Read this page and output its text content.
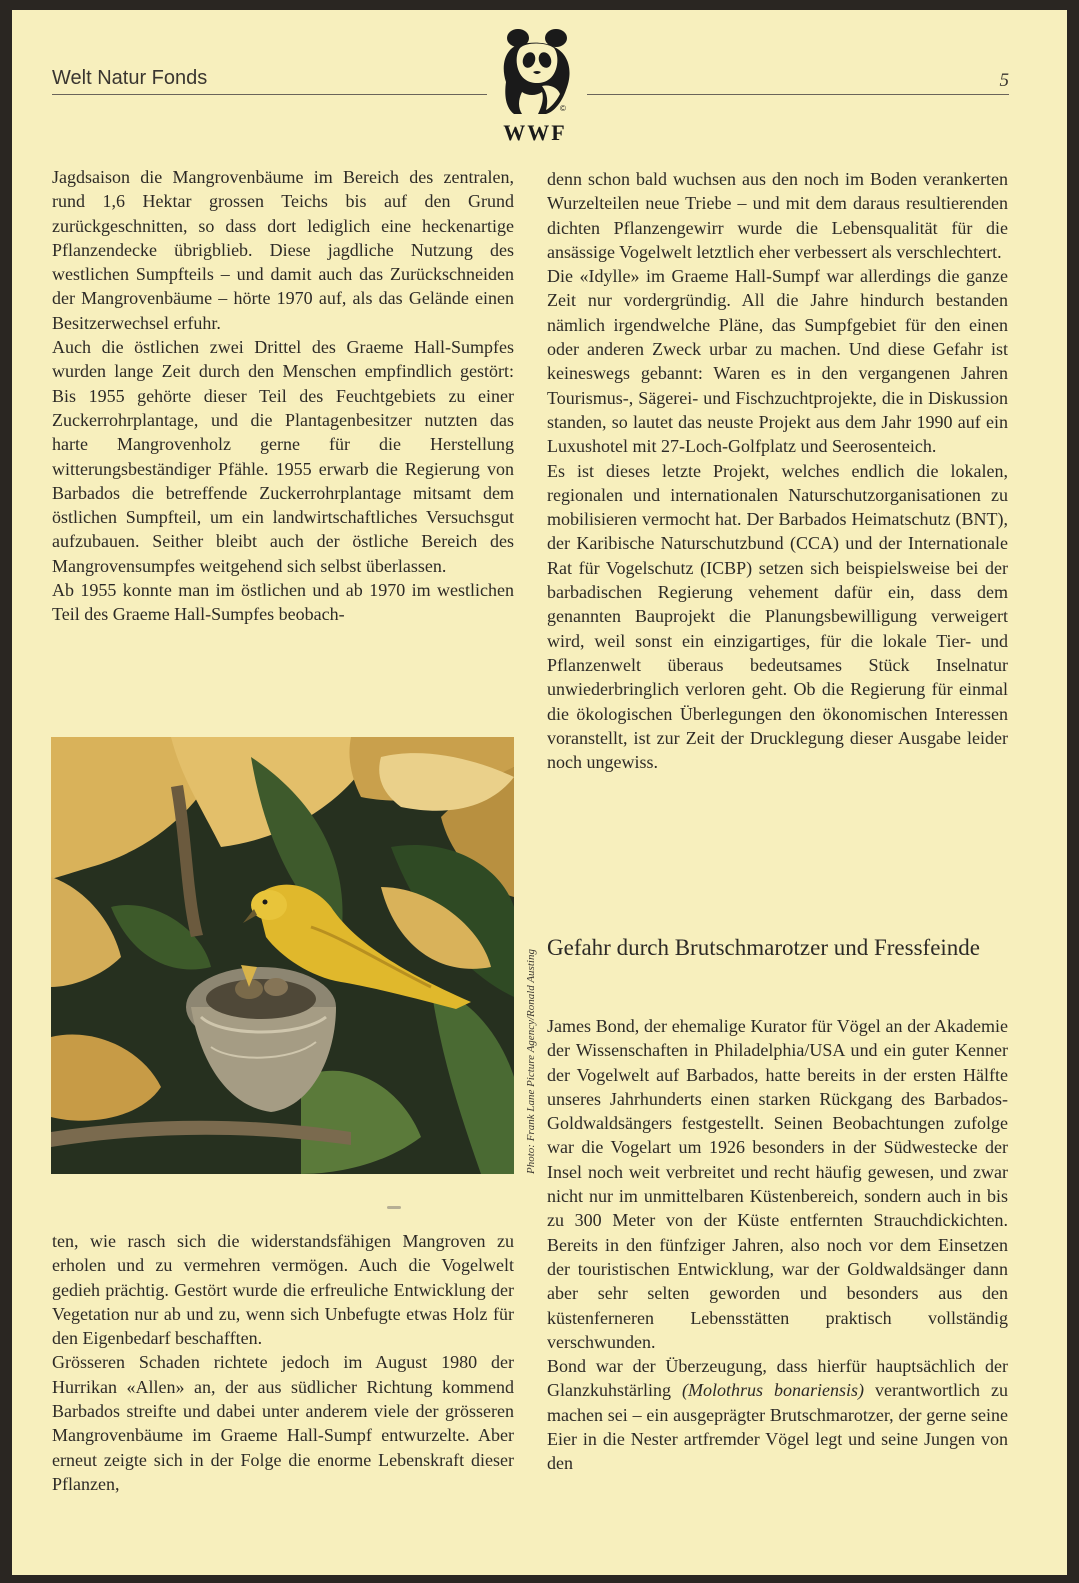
Welt Natur Fonds	5
©
WWF

Jagdsaison die Mangrovenbäume im Bereich des zentralen, rund 1,6 Hektar grossen Teichs bis auf den Grund zurückgeschnitten, so dass dort lediglich eine heckenartige Pflanzendecke übrigblieb. Diese jagdliche Nutzung des westlichen Sumpfteils – und damit auch das Zurückschneiden der Mangrovenbäume – hörte 1970 auf, als das Gelände einen Besitzerwechsel erfuhr.

Auch die östlichen zwei Drittel des Graeme Hall-Sumpfes wurden lange Zeit durch den Menschen empfindlich gestört: Bis 1955 gehörte dieser Teil des Feuchtgebiets zu einer Zuckerrohrplantage, und die Plantagenbesitzer nutzten das harte Mangrovenholz gerne für die Herstellung witterungsbeständiger Pfähle. 1955 erwarb die Regierung von Barbados die betreffende Zuckerrohrplantage mitsamt dem östlichen Sumpfteil, um ein landwirtschaftliches Versuchsgut aufzubauen. Seither bleibt auch der östliche Bereich des Mangrovensumpfes weitgehend sich selbst überlassen.

Ab 1955 konnte man im östlichen und ab 1970 im westlichen Teil des Graeme Hall-Sumpfes beobach-

Photo: Frank Lane Picture Agency/Ronald Austing

ten, wie rasch sich die widerstandsfähigen Mangroven zu erholen und zu vermehren vermögen. Auch die Vogelwelt gedieh prächtig. Gestört wurde die erfreuliche Entwicklung der Vegetation nur ab und zu, wenn sich Unbefugte etwas Holz für den Eigenbedarf beschafften.

Grösseren Schaden richtete jedoch im August 1980 der Hurrikan «Allen» an, der aus südlicher Richtung kommend Barbados streifte und dabei unter anderem viele der grösseren Mangrovenbäume im Graeme Hall-Sumpf entwurzelte. Aber erneut zeigte sich in der Folge die enorme Lebenskraft dieser Pflanzen,

denn schon bald wuchsen aus den noch im Boden verankerten Wurzelteilen neue Triebe – und mit dem daraus resultierenden dichten Pflanzengewirr wurde die Lebensqualität für die ansässige Vogelwelt letztlich eher verbessert als verschlechtert.

Die «Idylle» im Graeme Hall-Sumpf war allerdings die ganze Zeit nur vordergründig. All die Jahre hindurch bestanden nämlich irgendwelche Pläne, das Sumpfgebiet für den einen oder anderen Zweck urbar zu machen. Und diese Gefahr ist keineswegs gebannt: Waren es in den vergangenen Jahren Tourismus-, Sägerei- und Fischzuchtprojekte, die in Diskussion standen, so lautet das neuste Projekt aus dem Jahr 1990 auf ein Luxushotel mit 27-Loch-Golfplatz und Seerosenteich.

Es ist dieses letzte Projekt, welches endlich die lokalen, regionalen und internationalen Naturschutzorganisationen zu mobilisieren vermocht hat. Der Barbados Heimatschutz (BNT), der Karibische Naturschutzbund (CCA) und der Internationale Rat für Vogelschutz (ICBP) setzen sich beispielsweise bei der barbadischen Regierung vehement dafür ein, dass dem genannten Bauprojekt die Planungsbewilligung verweigert wird, weil sonst ein einzigartiges, für die lokale Tier- und Pflanzenwelt überaus bedeutsames Stück Inselnatur unwiederbringlich verloren geht. Ob die Regierung für einmal die ökologischen Überlegungen den ökonomischen Interessen voranstellt, ist zur Zeit der Drucklegung dieser Ausgabe leider noch ungewiss.

Gefahr durch Brutschmarotzer und Fressfeinde

James Bond, der ehemalige Kurator für Vögel an der Akademie der Wissenschaften in Philadelphia/USA und ein guter Kenner der Vogelwelt auf Barbados, hatte bereits in der ersten Hälfte unseres Jahrhunderts einen starken Rückgang des Barbados-Goldwaldsängers festgestellt. Seinen Beobachtungen zufolge war die Vogelart um 1926 besonders in der Südwestecke der Insel noch weit verbreitet und recht häufig gewesen, und zwar nicht nur im unmittelbaren Küstenbereich, sondern auch in bis zu 300 Meter von der Küste entfernten Strauchdickichten. Bereits in den fünfziger Jahren, also noch vor dem Einsetzen der touristischen Entwicklung, war der Goldwaldsänger dann aber sehr selten geworden und besonders aus den küstenferneren Lebensstätten praktisch vollständig verschwunden.

Bond war der Überzeugung, dass hierfür hauptsächlich der Glanzkuhstärling (Molothrus bonariensis) verantwortlich zu machen sei – ein ausgeprägter Brutschmarotzer, der gerne seine Eier in die Nester artfremder Vögel legt und seine Jungen von den
